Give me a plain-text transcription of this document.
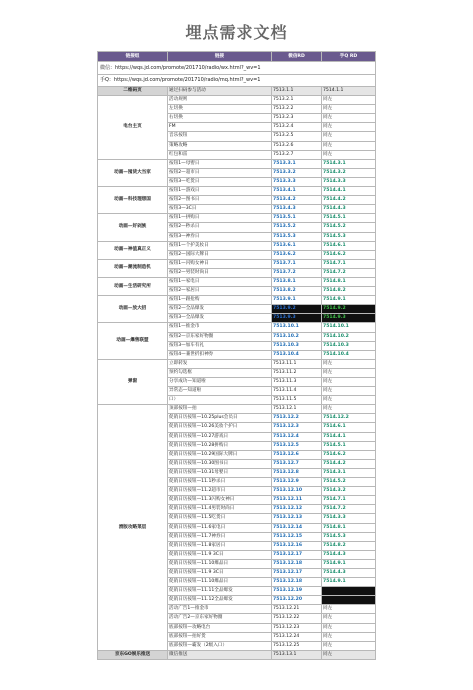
埋点需求文档
链接组	链接	微信RD	手Q RD
微信：https://wqs.jd.com/promote/201710/radio/wx.html?_wv=1			
手Q：https://wqs.jd.com/promote/201710/radio/mq.html?_wv=1			
二维码页	通过扫码参与活动	7513.1.1	7514.1.1
电台主页	活动规则	7513.2.1	同左
	左切换	7513.2.2	同左
	右切换	7513.2.3	同左
	FM	7513.2.4	同左
	音乐按钮	7513.2.5	同左
	策略攻略	7513.2.6	同左
	红包和雷	7513.2.7	同左
动画—囤货大当家	按钮1—母婴日	7513.3.1	7514.3.1
	按钮2—超市日	7513.3.2	7514.3.2
	按钮3—吃货日	7513.3.3	7514.3.3
动画—科技理想国	按钮1—游戏日	7513.4.1	7514.4.1
	按钮2—图书日	7513.4.2	7514.4.2
	按钮3—3C日	7513.4.3	7514.4.3
动画—好剁族	按钮1—拼购日	7513.5.1	7514.5.1
	按钮2—秒杀日	7513.5.2	7514.5.2
	按钮3—神券日	7513.5.3	7514.5.3
动画—神值真正义	按钮1—个护美妆日	7513.6.1	7514.6.1
	按钮2—国际大牌日	7513.6.2	7514.6.2
动画—潮流制造机	按钮1—闪购女神日	7513.7.1	7514.7.1
	按钮2—男装时尚日	7513.7.2	7514.7.2
动画—生活研究所	按钮1—家电日	7513.8.1	7514.8.1
	按钮2—家居日	7513.8.2	7514.8.2
动画—放大招	按钮1—跟抢购	7513.9.1	7514.9.1
	按钮2—全品爆发	7513.9.2	7514.9.2
	按钮3—全品爆发	7513.9.3	7514.9.3
动画—爆售联盟	按钮1—推金币	7513.10.1	7514.10.1
	按钮2—京东家好物圈	7513.10.2	7514.10.2
	按钮3—加车有礼	7513.10.3	7514.10.3
	按钮4—兼世折扣神券	7513.10.4	7514.10.4
弹窗	立即转发	7513.11.1	同左
	预约勾选框	7513.11.2	同左
	分享成功—知道啦	7513.11.3	同左
	异常态—知道啦	7513.11.4	同左
	口）	7513.11.5	同左
滑版攻略菜层	顶部按钮—拍	7513.12.1	同左
	促销日历按钮—10.25plus会员日	7513.12.2	7514.12.2
	促销日历按钮—10.26美妆个护日	7513.12.3	7514.6.1
	促销日历按钮—10.27游戏日	7513.12.4	7514.4.1
	促销日历按钮—10.28拼购日	7513.12.5	7514.5.1
	促销日历按钮—10.29国际大牌日	7513.12.6	7514.6.2
	促销日历按钮—10.30图书日	7513.12.7	7514.4.2
	促销日历按钮—10.31母婴日	7513.12.8	7514.3.1
	促销日历按钮—11.1秒杀日	7513.12.9	7514.5.2
	促销日历按钮—11.2超市日	7513.12.10	7514.3.2
	促销日历按钮—11.3闪购女神日	7513.12.11	7514.7.1
	促销日历按钮—11.4男装时尚日	7513.12.12	7514.7.2
	促销日历按钮—11.5吃货日	7513.12.13	7514.3.3
	促销日历按钮—11.6家电日	7513.12.14	7514.8.1
	促销日历按钮—11.7神券日	7513.12.15	7514.5.3
	促销日历按钮—11.8家居日	7513.12.16	7514.8.2
	促销日历按钮—11.9 3C日	7513.12.17	7514.4.3
	促销日历按钮—11.10爆品日	7513.12.18	7514.9.1
	促销日历按钮—11.9 3C日	7513.12.17	7514.4.3
	促销日历按钮—11.10爆品日	7513.12.18	7514.9.1
	促销日历按钮—11.11全品爆发	7513.12.19	
	促销日历按钮—11.12全品爆发	7513.12.20	
	活动广告1—推金币	7513.12.21	同左
	活动广告2—京东家好物圈	7513.12.22	同左
	底部按钮—攻略电台	7513.12.23	同左
	底部按钮—拍好货	7513.12.24	同左
	底部按钮—霸发（2级入口）	7513.12.25	同左
京东GO娱乐推送	微信推送	7513.13.1	同左
